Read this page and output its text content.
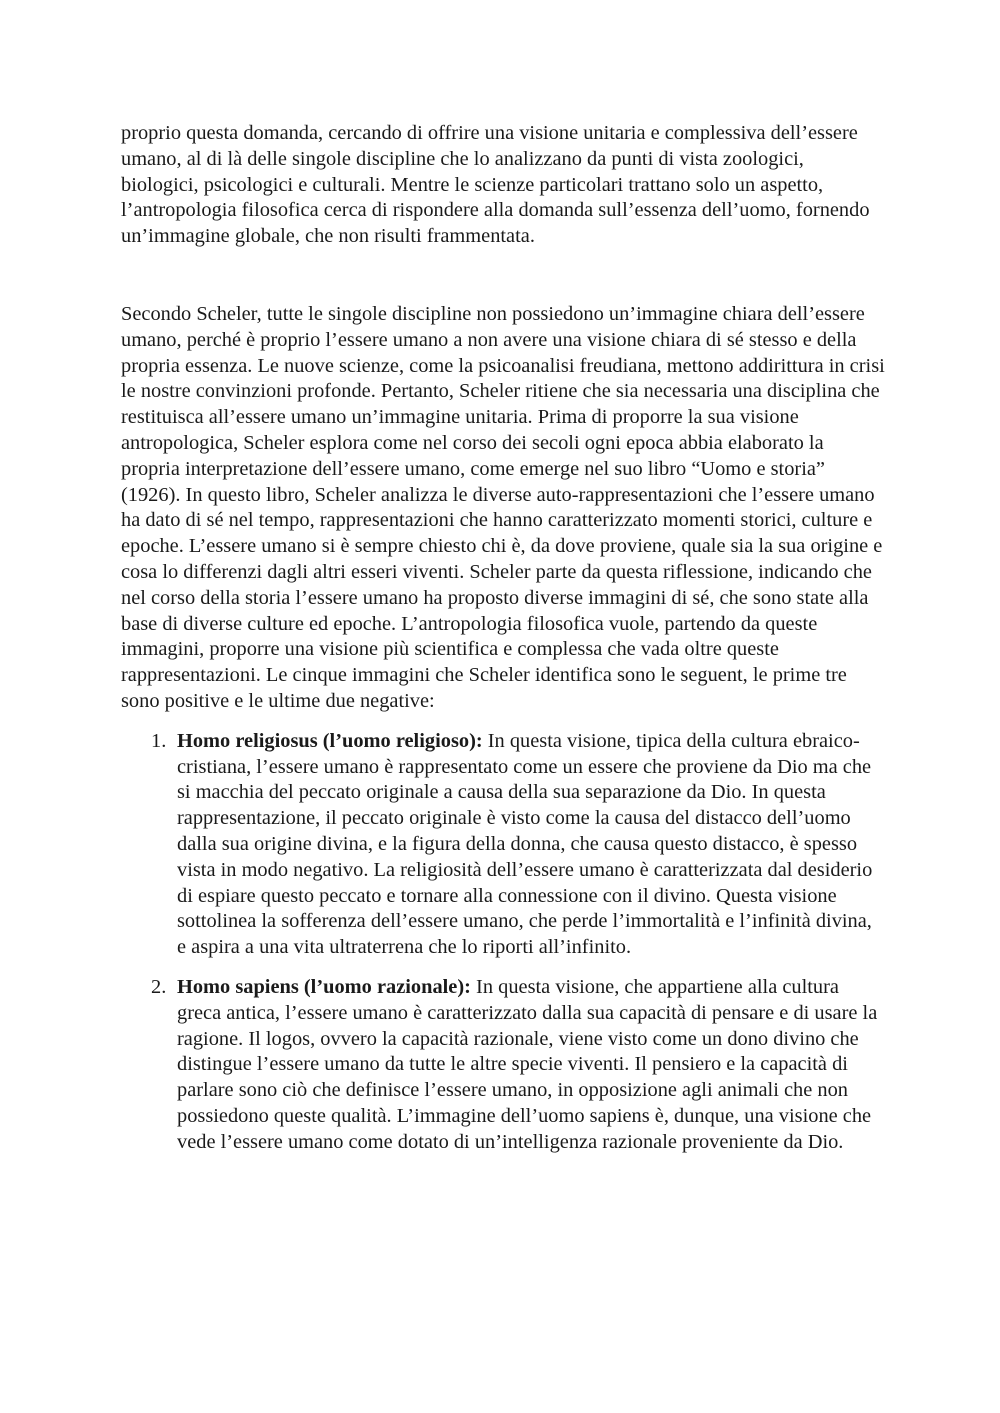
proprio questa domanda, cercando di offrire una visione unitaria e complessiva dell’essere umano, al di là delle singole discipline che lo analizzano da punti di vista zoologici, biologici, psicologici e culturali. Mentre le scienze particolari trattano solo un aspetto, l’antropologia filosofica cerca di rispondere alla domanda sull’essenza dell’uomo, fornendo un’immagine globale, che non risulti frammentata.

Secondo Scheler, tutte le singole discipline non possiedono un’immagine chiara dell’essere umano, perché è proprio l’essere umano a non avere una visione chiara di sé stesso e della propria essenza. Le nuove scienze, come la psicoanalisi freudiana, mettono addirittura in crisi le nostre convinzioni profonde. Pertanto, Scheler ritiene che sia necessaria una disciplina che restituisca all’essere umano un’immagine unitaria. Prima di proporre la sua visione antropologica, Scheler esplora come nel corso dei secoli ogni epoca abbia elaborato la propria interpretazione dell’essere umano, come emerge nel suo libro “Uomo e storia” (1926). In questo libro, Scheler analizza le diverse auto-rappresentazioni che l’essere umano ha dato di sé nel tempo, rappresentazioni che hanno caratterizzato momenti storici, culture e epoche. L’essere umano si è sempre chiesto chi è, da dove proviene, quale sia la sua origine e cosa lo differenzi dagli altri esseri viventi. Scheler parte da questa riflessione, indicando che nel corso della storia l’essere umano ha proposto diverse immagini di sé, che sono state alla base di diverse culture ed epoche. L’antropologia filosofica vuole, partendo da queste immagini, proporre una visione più scientifica e complessa che vada oltre queste rappresentazioni. Le cinque immagini che Scheler identifica sono le seguent, le prime tre sono positive e le ultime due negative:

1. Homo religiosus (l’uomo religioso): In questa visione, tipica della cultura ebraico-cristiana, l’essere umano è rappresentato come un essere che proviene da Dio ma che si macchia del peccato originale a causa della sua separazione da Dio. In questa rappresentazione, il peccato originale è visto come la causa del distacco dell’uomo dalla sua origine divina, e la figura della donna, che causa questo distacco, è spesso vista in modo negativo. La religiosità dell’essere umano è caratterizzata dal desiderio di espiare questo peccato e tornare alla connessione con il divino. Questa visione sottolinea la sofferenza dell’essere umano, che perde l’immortalità e l’infinità divina, e aspira a una vita ultraterrena che lo riporti all’infinito.
2. Homo sapiens (l’uomo razionale): In questa visione, che appartiene alla cultura greca antica, l’essere umano è caratterizzato dalla sua capacità di pensare e di usare la ragione. Il logos, ovvero la capacità razionale, viene visto come un dono divino che distingue l’essere umano da tutte le altre specie viventi. Il pensiero e la capacità di parlare sono ciò che definisce l’essere umano, in opposizione agli animali che non possiedono queste qualità. L’immagine dell’uomo sapiens è, dunque, una visione che vede l’essere umano come dotato di un’intelligenza razionale proveniente da Dio.
